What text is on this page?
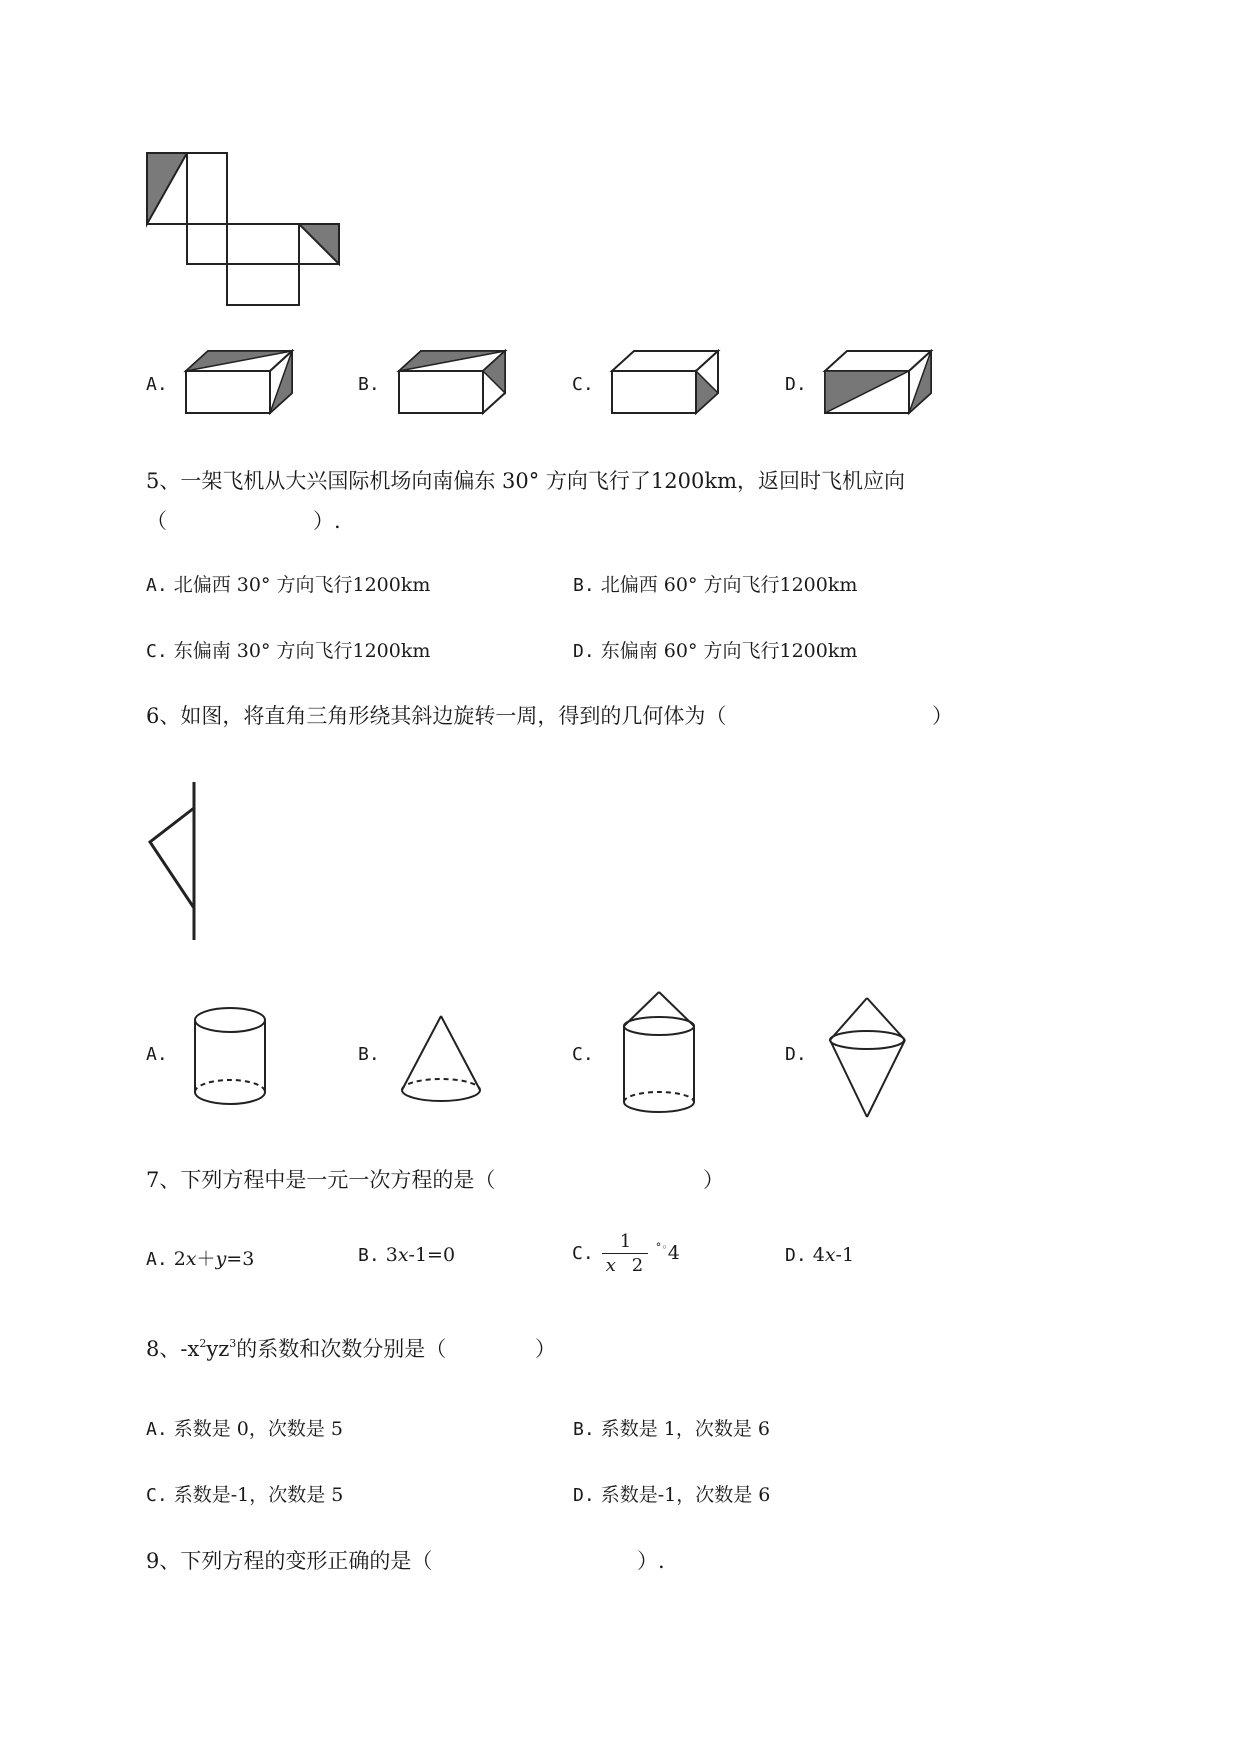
A.	B.	C.	D.
5、一架飞机从大兴国际机场向南偏东 30° 方向飞行了1200km，返回时飞机应向
（	）.
A. 北偏西 30° 方向飞行1200km	B. 北偏西 60° 方向飞行1200km
C. 东偏南 30° 方向飞行1200km	D. 东偏南 60° 方向飞行1200km
6、如图，将直角三角形绕其斜边旋转一周，得到的几何体为（	）
A.	B.	C.	D.
7、下列方程中是一元一次方程的是（	）
A. 2x＋y=3	B. 3x-1=0	C.
1
x 2
°◦4	D. 4x-1
8、$-x^2yz^3$的系数和次数分别是（	）
A. 系数是 0，次数是 5	B. 系数是 1，次数是 6
C. 系数是-1，次数是 5	D. 系数是-1，次数是 6
9、下列方程的变形正确的是（	）.
